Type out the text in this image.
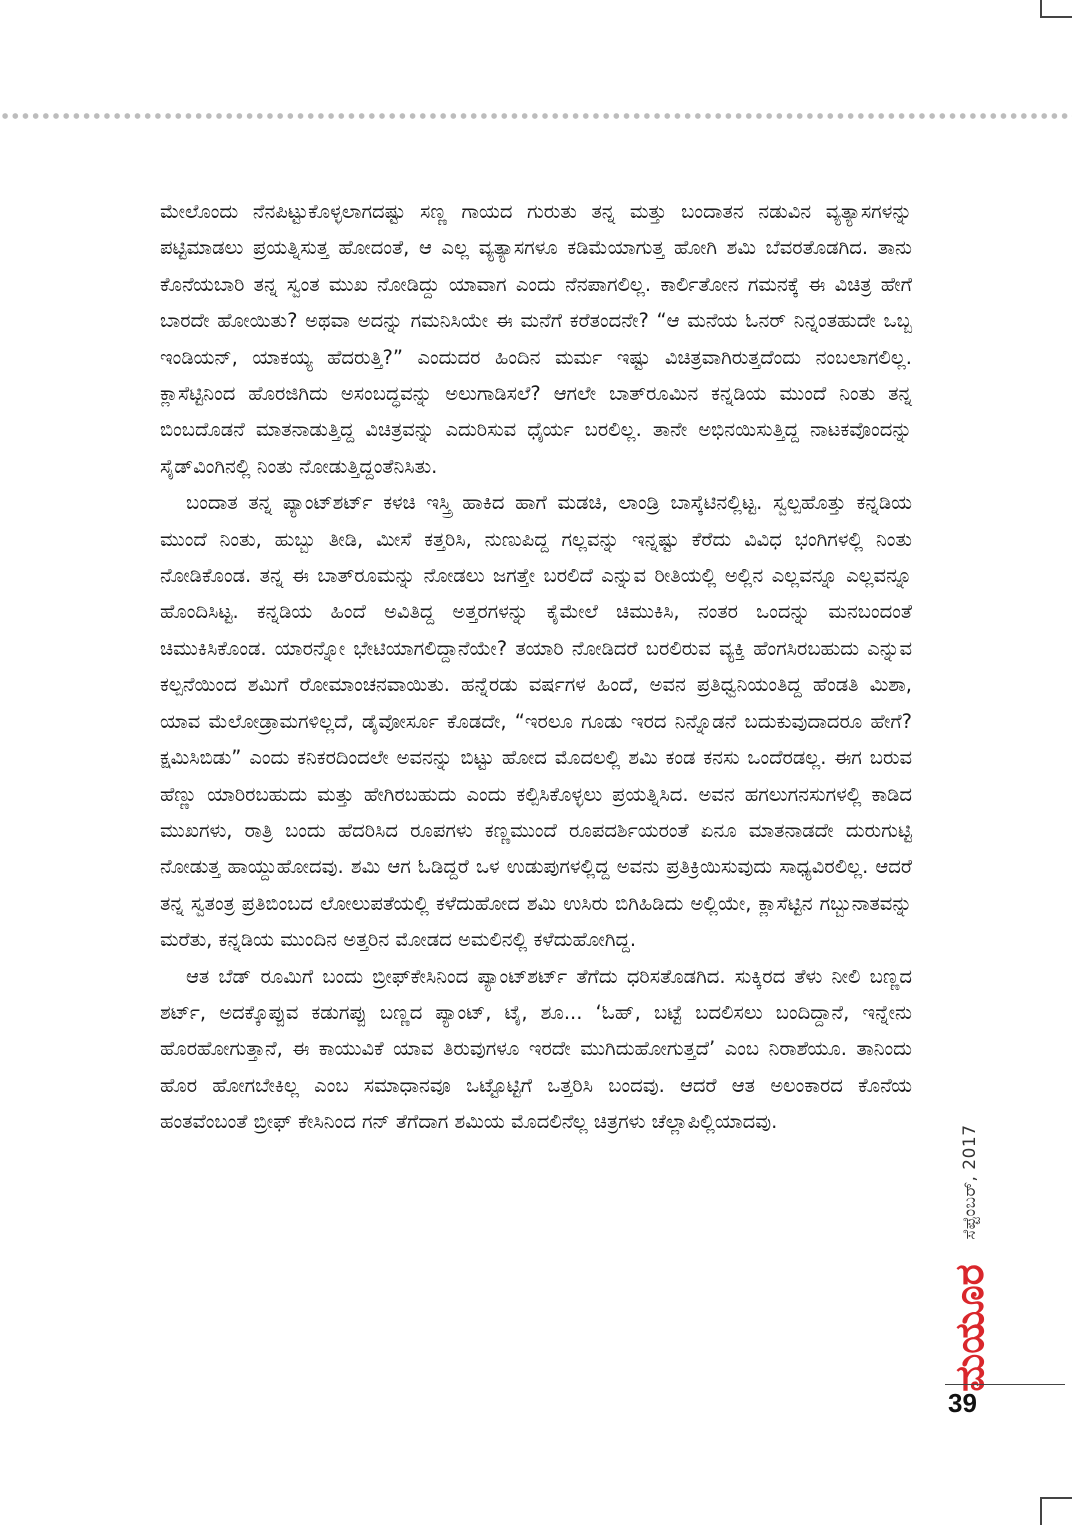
ಮೇಲೊಂದು ನೆನಪಿಟ್ಟುಕೊಳ್ಳಲಾಗದಷ್ಟು ಸಣ್ಣ ಗಾಯದ ಗುರುತು ತನ್ನ ಮತ್ತು ಬಂದಾತನ ನಡುವಿನ ವ್ಯತ್ಯಾಸಗಳನ್ನು ಪಟ್ಟಿಮಾಡಲು ಪ್ರಯತ್ನಿಸುತ್ತ ಹೋದಂತೆ, ಆ ಎಲ್ಲ ವ್ಯತ್ಯಾಸಗಳೂ ಕಡಿಮೆಯಾಗುತ್ತ ಹೋಗಿ ಶಮಿ ಬೆವರತೊಡಗಿದ. ತಾನು ಕೊನೆಯಬಾರಿ ತನ್ನ ಸ್ವಂತ ಮುಖ ನೋಡಿದ್ದು ಯಾವಾಗ ಎಂದು ನೆನಪಾಗಲಿಲ್ಲ. ಕಾರ್ಲಿತೋನ ಗಮನಕ್ಕೆ ಈ ವಿಚಿತ್ರ ಹೇಗೆ ಬಾರದೇ ಹೋಯಿತು? ಅಥವಾ ಅದನ್ನು ಗಮನಿಸಿಯೇ ಈ ಮನೆಗೆ ಕರೆತಂದನೇ? “ಆ ಮನೆಯ ಓನರ್ ನಿನ್ನಂತಹುದೇ ಒಬ್ಬ ಇಂಡಿಯನ್, ಯಾಕಯ್ಯ ಹೆದರುತ್ತಿ?” ಎಂದುದರ ಹಿಂದಿನ ಮರ್ಮ ಇಷ್ಟು ವಿಚಿತ್ರವಾಗಿರುತ್ತದೆಂದು ನಂಬಲಾಗಲಿಲ್ಲ. ಕ್ಲಾಸೆಟ್ಟಿನಿಂದ ಹೊರಜಿಗಿದು ಅಸಂಬದ್ಧವನ್ನು ಅಲುಗಾಡಿಸಲೆ? ಆಗಲೇ ಬಾತ್‌ರೂಮಿನ ಕನ್ನಡಿಯ ಮುಂದೆ ನಿಂತು ತನ್ನ ಬಿಂಬದೊಡನೆ ಮಾತನಾಡುತ್ತಿದ್ದ ವಿಚಿತ್ರವನ್ನು ಎದುರಿಸುವ ಧೈರ್ಯ ಬರಲಿಲ್ಲ. ತಾನೇ ಅಭಿನಯಿಸುತ್ತಿದ್ದ ನಾಟಕವೊಂದನ್ನು ಸೈಡ್‌ವಿಂಗಿನಲ್ಲಿ ನಿಂತು ನೋಡುತ್ತಿದ್ದಂತೆನಿಸಿತು.

ಬಂದಾತ ತನ್ನ ಪ್ಯಾಂಟ್‌ಶರ್ಟ್ ಕಳಚಿ ಇಸ್ತ್ರಿ ಹಾಕಿದ ಹಾಗೆ ಮಡಚಿ, ಲಾಂಡ್ರಿ ಬಾಸ್ಕೆಟಿನಲ್ಲಿಟ್ಟ. ಸ್ವಲ್ಪಹೊತ್ತು ಕನ್ನಡಿಯ ಮುಂದೆ ನಿಂತು, ಹುಬ್ಬು ತೀಡಿ, ಮೀಸೆ ಕತ್ತರಿಸಿ, ನುಣುಪಿದ್ದ ಗಲ್ಲವನ್ನು ಇನ್ನಷ್ಟು ಕೆರೆದು ವಿವಿಧ ಭಂಗಿಗಳಲ್ಲಿ ನಿಂತು ನೋಡಿಕೊಂಡ. ತನ್ನ ಈ ಬಾತ್‌ರೂಮನ್ನು ನೋಡಲು ಜಗತ್ತೇ ಬರಲಿದೆ ಎನ್ನುವ ರೀತಿಯಲ್ಲಿ ಅಲ್ಲಿನ ಎಲ್ಲವನ್ನೂ ಎಲ್ಲವನ್ನೂ ಹೊಂದಿಸಿಟ್ಟ. ಕನ್ನಡಿಯ ಹಿಂದೆ ಅವಿತಿದ್ದ ಅತ್ತರಗಳನ್ನು ಕೈಮೇಲೆ ಚಿಮುಕಿಸಿ, ನಂತರ ಒಂದನ್ನು ಮನಬಂದಂತೆ ಚಿಮುಕಿಸಿಕೊಂಡ. ಯಾರನ್ನೋ ಭೇಟಿಯಾಗಲಿದ್ದಾನೆಯೇ? ತಯಾರಿ ನೋಡಿದರೆ ಬರಲಿರುವ ವ್ಯಕ್ತಿ ಹೆಂಗಸಿರಬಹುದು ಎನ್ನುವ ಕಲ್ಪನೆಯಿಂದ ಶಮಿಗೆ ರೋಮಾಂಚನವಾಯಿತು. ಹನ್ನೆರಡು ವರ್ಷಗಳ ಹಿಂದೆ, ಅವನ ಪ್ರತಿಧ್ವನಿಯಂತಿದ್ದ ಹೆಂಡತಿ ಮಿಶಾ, ಯಾವ ಮೆಲೋಡ್ರಾಮಗಳಿಲ್ಲದೆ, ಡೈವೋರ್ಸೂ ಕೊಡದೇ, “ಇರಲೂ ಗೂಡು ಇರದ ನಿನ್ನೊಡನೆ ಬದುಕುವುದಾದರೂ ಹೇಗೆ? ಕ್ಷಮಿಸಿಬಿಡು” ಎಂದು ಕನಿಕರದಿಂದಲೇ ಅವನನ್ನು ಬಿಟ್ಟು ಹೋದ ಮೊದಲಲ್ಲಿ ಶಮಿ ಕಂಡ ಕನಸು ಒಂದೆರಡಲ್ಲ. ಈಗ ಬರುವ ಹೆಣ್ಣು ಯಾರಿರಬಹುದು ಮತ್ತು ಹೇಗಿರಬಹುದು ಎಂದು ಕಲ್ಪಿಸಿಕೊಳ್ಳಲು ಪ್ರಯತ್ನಿಸಿದ. ಅವನ ಹಗಲುಗನಸುಗಳಲ್ಲಿ ಕಾಡಿದ ಮುಖಗಳು, ರಾತ್ರಿ ಬಂದು ಹೆದರಿಸಿದ ರೂಪಗಳು ಕಣ್ಣಮುಂದೆ ರೂಪದರ್ಶಿಯರಂತೆ ಏನೂ ಮಾತನಾಡದೇ ದುರುಗುಟ್ಟಿ ನೋಡುತ್ತ ಹಾಯ್ದುಹೋದವು. ಶಮಿ ಆಗ ಓಡಿದ್ದರೆ ಒಳ ಉಡುಪುಗಳಲ್ಲಿದ್ದ ಅವನು ಪ್ರತಿಕ್ರಿಯಿಸುವುದು ಸಾಧ್ಯವಿರಲಿಲ್ಲ. ಆದರೆ ತನ್ನ ಸ್ವತಂತ್ರ ಪ್ರತಿಬಿಂಬದ ಲೋಲುಪತೆಯಲ್ಲಿ ಕಳೆದುಹೋದ ಶಮಿ ಉಸಿರು ಬಿಗಿಹಿಡಿದು ಅಲ್ಲಿಯೇ, ಕ್ಲಾಸೆಟ್ಟಿನ ಗಬ್ಬುನಾತವನ್ನು ಮರೆತು, ಕನ್ನಡಿಯ ಮುಂದಿನ ಅತ್ತರಿನ ಮೋಡದ ಅಮಲಿನಲ್ಲಿ ಕಳೆದುಹೋಗಿದ್ದ.

ಆತ ಬೆಡ್ ರೂಮಿಗೆ ಬಂದು ಬ್ರೀಫ್‌ಕೇಸಿನಿಂದ ಪ್ಯಾಂಟ್‌ಶರ್ಟ್ ತೆಗೆದು ಧರಿಸತೊಡಗಿದ. ಸುಕ್ಕಿರದ ತೆಳು ನೀಲಿ ಬಣ್ಣದ ಶರ್ಟ್, ಅದಕ್ಕೊಪ್ಪುವ ಕಡುಗಪ್ಪು ಬಣ್ಣದ ಪ್ಯಾಂಟ್, ಟೈ, ಶೂ... ‘ಓಹ್, ಬಟ್ಟೆ ಬದಲಿಸಲು ಬಂದಿದ್ದಾನೆ, ಇನ್ನೇನು ಹೊರಹೋಗುತ್ತಾನೆ, ಈ ಕಾಯುವಿಕೆ ಯಾವ ತಿರುವುಗಳೂ ಇರದೇ ಮುಗಿದುಹೋಗುತ್ತದೆ’ ಎಂಬ ನಿರಾಶೆಯೂ. ತಾನಿಂದು ಹೊರ ಹೋಗಬೇಕಿಲ್ಲ ಎಂಬ ಸಮಾಧಾನವೂ ಒಟ್ಟೊಟ್ಟಿಗೆ ಒತ್ತರಿಸಿ ಬಂದವು. ಆದರೆ ಆತ ಅಲಂಕಾರದ ಕೊನೆಯ ಹಂತವೆಂಬಂತೆ ಬ್ರೀಫ್ ಕೇಸಿನಿಂದ ಗನ್ ತೆಗೆದಾಗ ಶಮಿಯ ಮೊದಲಿನೆಲ್ಲ ಚಿತ್ರಗಳು ಚೆಲ್ಲಾಪಿಲ್ಲಿಯಾದವು.

ಸೆಪ್ಟೆಂಬರ್, 2017
ಮಯೂರ
39
